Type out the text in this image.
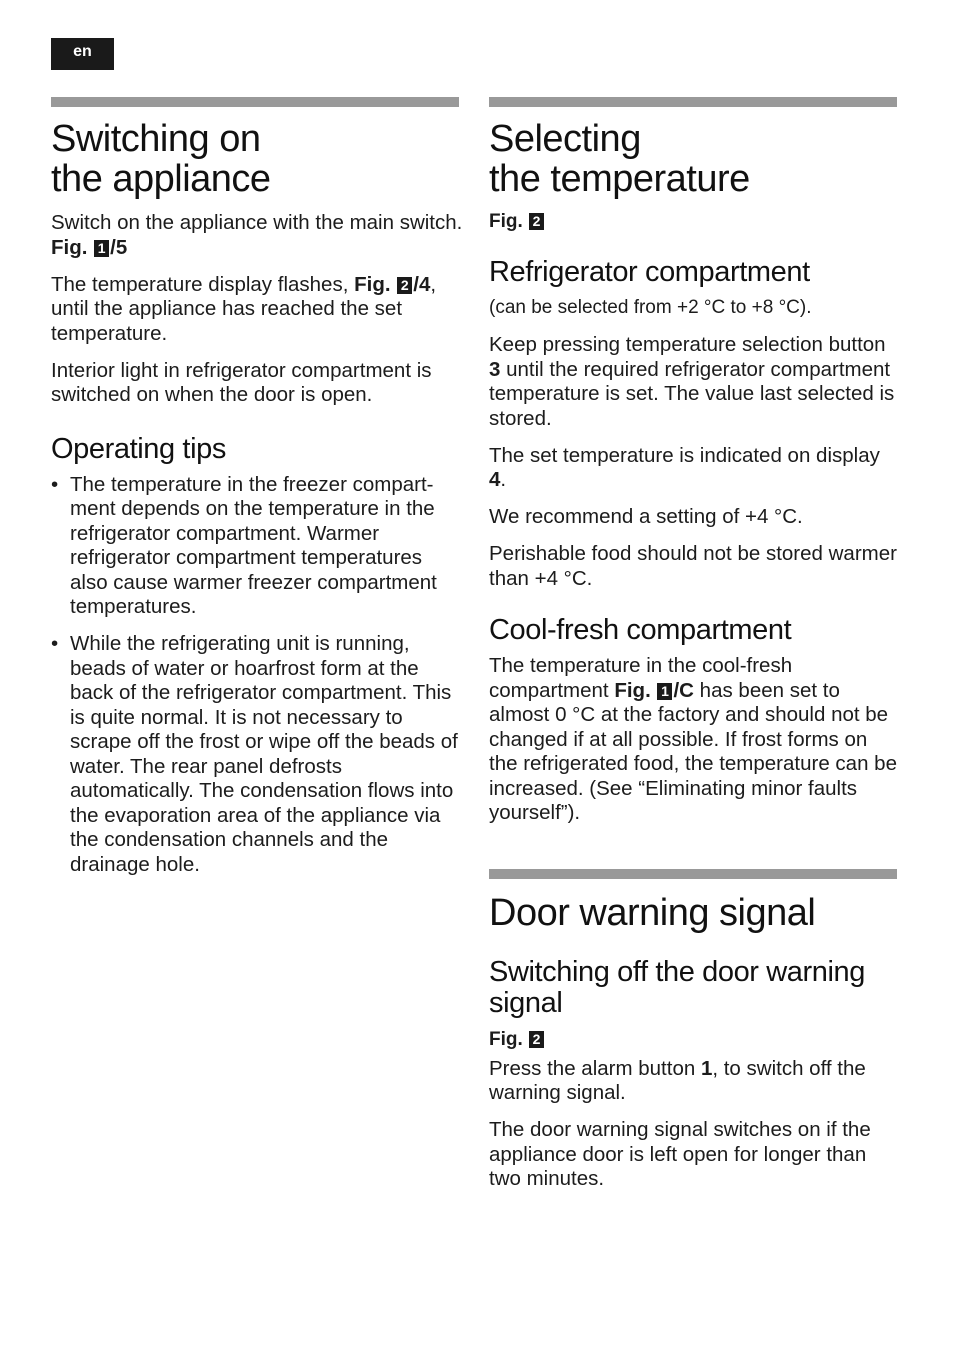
en
Switching on
the appliance

Switch on the appliance with the main switch. Fig. 1 /5

The temperature display flashes, Fig. 2 /4, until the appliance has reached the set temperature.

Interior light in refrigerator compartment is switched on when the door is open.

Operating tips
• The temperature in the freezer compart-ment depends on the temperature in the refrigerator compartment. Warmer refrigerator compartment temperatures also cause warmer freezer compartment temperatures.
• While the refrigerating unit is running, beads of water or hoarfrost form at the back of the refrigerator compartment. This is quite normal. It is not necessary to scrape off the frost or wipe off the beads of water. The rear panel defrosts automatically. The condensation flows into the evaporation area of the appliance via the condensation channels and the drainage hole.
Selecting
the temperature
Fig. 2
Refrigerator compartment

(can be selected from +2 °C to +8 °C).

Keep pressing temperature selection button 3 until the required refrigerator compartment temperature is set. The value last selected is stored.

The set temperature is indicated on display 4.

We recommend a setting of +4 °C.

Perishable food should not be stored warmer than +4 °C.

Cool-fresh compartment

The temperature in the cool-fresh compartment Fig. 1 /C has been set to almost 0 °C at the factory and should not be changed if at all possible. If frost forms on the refrigerated food, the temperature can be increased. (See “Eliminating minor faults yourself”).

Door warning signal
Switching off the door warning signal
Fig. 2

Press the alarm button 1, to switch off the warning signal.

The door warning signal switches on if the appliance door is left open for longer than two minutes.
